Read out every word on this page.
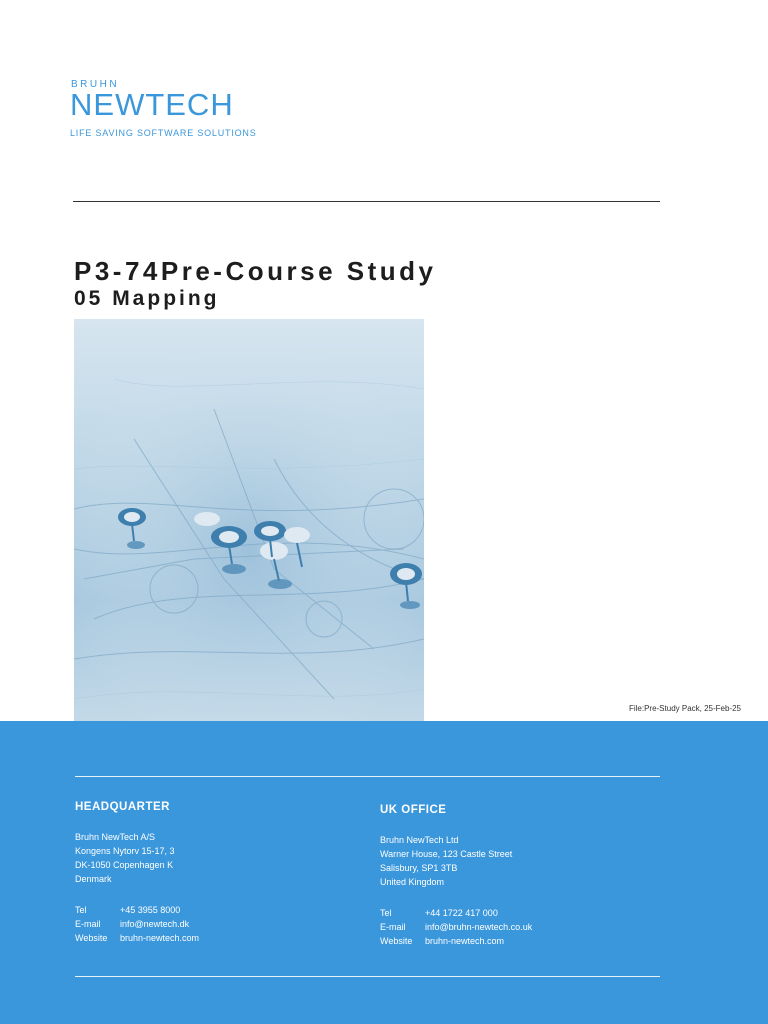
BRUHN
NEWTECH
LIFE SAVING SOFTWARE SOLUTIONS
P3-74Pre-Course Study
05 Mapping
File:Pre-Study Pack, 25-Feb-25
HEADQUARTER
Bruhn NewTech A/S
Kongens Nytorv 15-17, 3
DK-1050 Copenhagen K
Denmark
Tel	+45 3955 8000
E-mail	info@newtech.dk
Website	bruhn-newtech.com
UK OFFICE
Bruhn NewTech Ltd
Warner House, 123 Castle Street
Salisbury, SP1 3TB
United Kingdom
Tel	+44 1722 417 000
E-mail	info@bruhn-newtech.co.uk
Website	bruhn-newtech.com
